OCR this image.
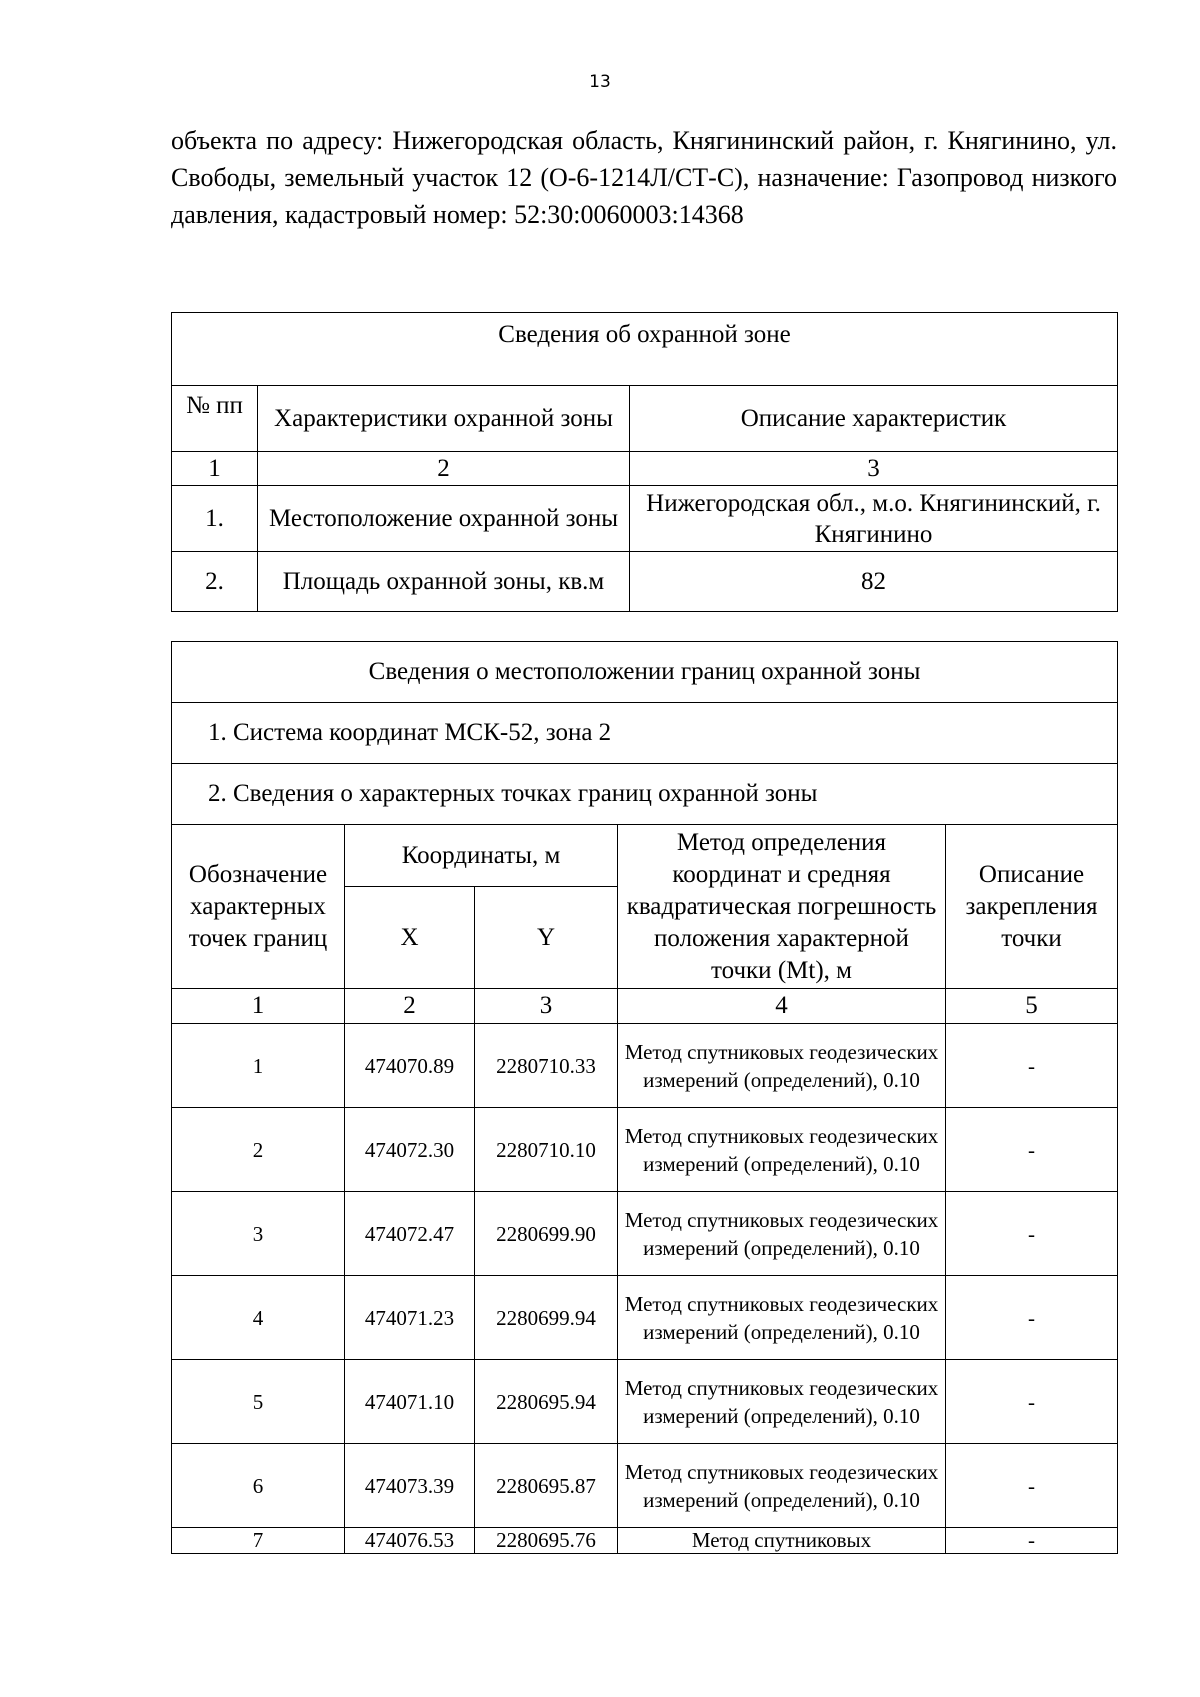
13
объекта по адресу: Нижегородская область, Княгининский район, г. Княгинино, ул. Свободы, земельный участок 12 (О-6-1214Л/СТ-С), назначение: Газопровод низкого давления, кадастровый номер: 52:30:0060003:14368
Сведения об охранной зоне		
№ пп	Характеристики охранной зоны	Описание характеристик
1	2	3
1.	Местоположение охранной зоны	Нижегородская обл., м.о. Княгининский, г. Княгинино
2.	Площадь охранной зоны, кв.м	82
Сведения о местоположении границ охранной зоны				
1. Система координат МСК-52, зона 2				
2. Сведения о характерных точках границ охранной зоны				
Обозначение характерных точек границ	Координаты, м		Метод определения координат и средняя квадратическая погрешность положения характерной точки (Mt), м	Описание закрепления точки
	X	Y		
1	2	3	4	5
1	474070.89	2280710.33	Метод спутниковых геодезических измерений (определений), 0.10	-
2	474072.30	2280710.10	Метод спутниковых геодезических измерений (определений), 0.10	-
3	474072.47	2280699.90	Метод спутниковых геодезических измерений (определений), 0.10	-
4	474071.23	2280699.94	Метод спутниковых геодезических измерений (определений), 0.10	-
5	474071.10	2280695.94	Метод спутниковых геодезических измерений (определений), 0.10	-
6	474073.39	2280695.87	Метод спутниковых геодезических измерений (определений), 0.10	-
7	474076.53	2280695.76	Метод спутниковых	-
